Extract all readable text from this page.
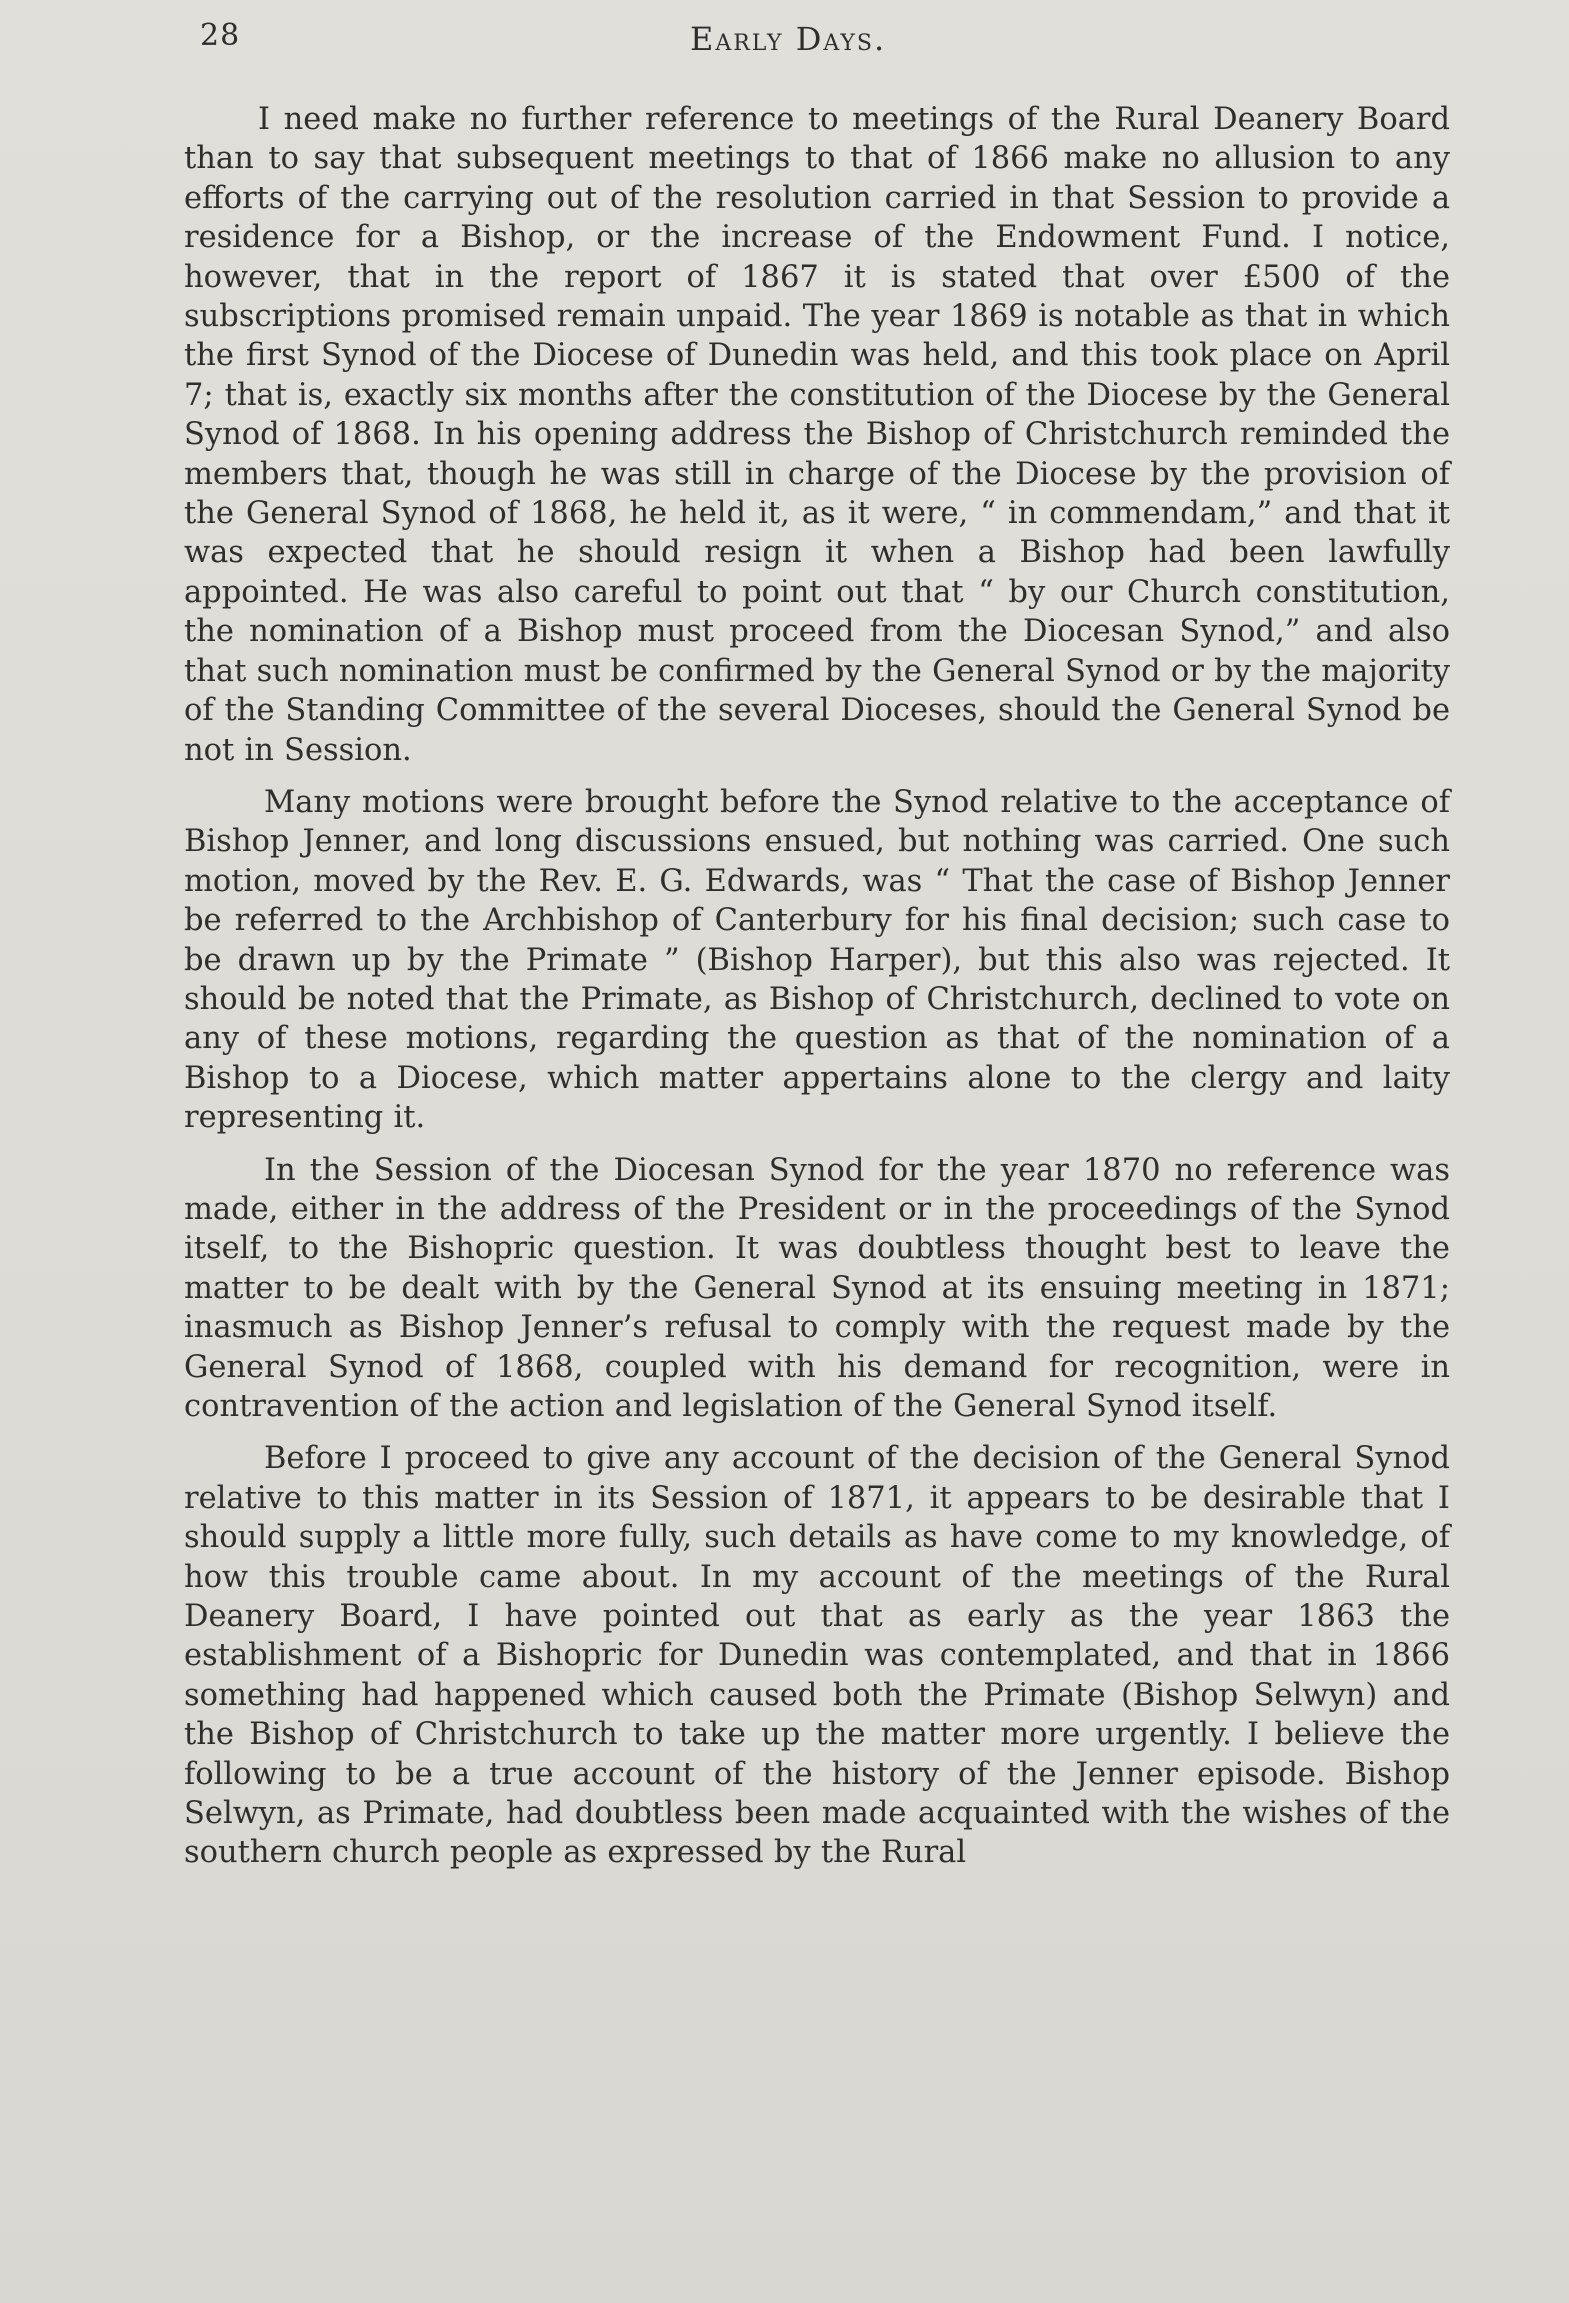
28	Early Days.

I need make no further reference to meetings of the Rural Deanery Board than to say that subsequent meetings to that of 1866 make no allusion to any efforts of the carrying out of the resolution carried in that Session to provide a residence for a Bishop, or the increase of the Endowment Fund. I notice, however, that in the report of 1867 it is stated that over £500 of the subscriptions promised remain unpaid. The year 1869 is notable as that in which the first Synod of the Diocese of Dunedin was held, and this took place on April 7; that is, exactly six months after the constitution of the Diocese by the General Synod of 1868. In his opening address the Bishop of Christchurch reminded the members that, though he was still in charge of the Diocese by the provision of the General Synod of 1868, he held it, as it were, “ in commendam,” and that it was expected that he should resign it when a Bishop had been lawfully appointed. He was also careful to point out that “ by our Church constitution, the nomination of a Bishop must proceed from the Diocesan Synod,” and also that such nomination must be confirmed by the General Synod or by the majority of the Standing Committee of the several Dioceses, should the General Synod be not in Session.

Many motions were brought before the Synod relative to the acceptance of Bishop Jenner, and long discussions ensued, but nothing was carried. One such motion, moved by the Rev. E. G. Edwards, was “ That the case of Bishop Jenner be referred to the Archbishop of Canterbury for his final decision; such case to be drawn up by the Primate ” (Bishop Harper), but this also was rejected. It should be noted that the Primate, as Bishop of Christchurch, declined to vote on any of these motions, regarding the question as that of the nomination of a Bishop to a Diocese, which matter appertains alone to the clergy and laity representing it.

In the Session of the Diocesan Synod for the year 1870 no reference was made, either in the address of the President or in the proceedings of the Synod itself, to the Bishopric question. It was doubtless thought best to leave the matter to be dealt with by the General Synod at its ensuing meeting in 1871; inasmuch as Bishop Jenner’s refusal to comply with the request made by the General Synod of 1868, coupled with his demand for recognition, were in contravention of the action and legislation of the General Synod itself.

Before I proceed to give any account of the decision of the General Synod relative to this matter in its Session of 1871, it appears to be desirable that I should supply a little more fully, such details as have come to my knowledge, of how this trouble came about. In my account of the meetings of the Rural Deanery Board, I have pointed out that as early as the year 1863 the establishment of a Bishopric for Dunedin was contemplated, and that in 1866 something had happened which caused both the Primate (Bishop Selwyn) and the Bishop of Christchurch to take up the matter more urgently. I believe the following to be a true account of the history of the Jenner episode. Bishop Selwyn, as Primate, had doubtless been made acquainted with the wishes of the southern church people as expressed by the Rural
